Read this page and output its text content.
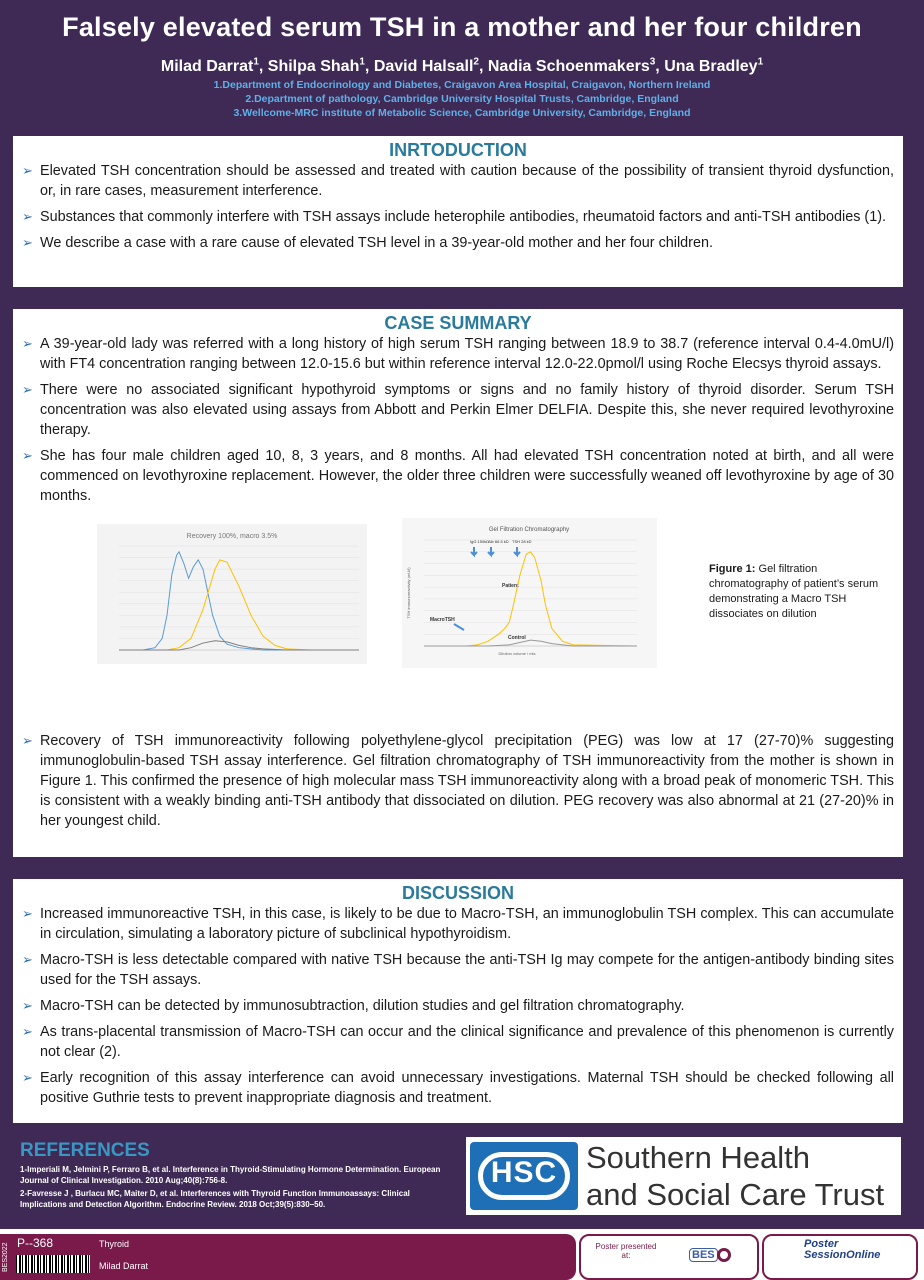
Falsely elevated serum TSH in a mother and her four children
Milad Darrat$^1$, Shilpa Shah$^1$, David Halsall$^2$, Nadia Schoenmakers$^3$, Una Bradley$^1$
1.Department of Endocrinology and Diabetes, Craigavon Area Hospital, Craigavon, Northern Ireland
2.Department of pathology, Cambridge University Hospital Trusts, Cambridge, England
3.Wellcome-MRC institute of Metabolic Science, Cambridge University, Cambridge, England
INRTODUCTION
➢ Elevated TSH concentration should be assessed and treated with caution because of the possibility of transient thyroid dysfunction, or, in rare cases, measurement interference.
➢ Substances that commonly interfere with TSH assays include heterophile antibodies, rheumatoid factors and anti-TSH antibodies (1).
➢ We describe a case with a rare cause of elevated TSH level in a 39-year-old mother and her four children.
CASE SUMMARY
➢ A 39-year-old lady was referred with a long history of high serum TSH ranging between 18.9 to 38.7 (reference interval 0.4-4.0mU/l) with FT4 concentration ranging between 12.0-15.6 but within reference interval 12.0-22.0pmol/l using Roche Elecsys thyroid assays.
➢ There were no associated significant hypothyroid symptoms or signs and no family history of thyroid disorder. Serum TSH concentration was also elevated using assays from Abbott and Perkin Elmer DELFIA. Despite this, she never required levothyroxine therapy.
➢ She has four male children aged 10, 8, 3 years, and 8 months. All had elevated TSH concentration noted at birth, and all were commenced on levothyroxine replacement. However, the older three children were successfully weaned off levothyroxine by age of 30 months.
Recovery 100%, macro 3.5%
Gel Filtration Chromatography
Dilution volume / mls
TSH immunoreactivity (mU/l)
IgG 150kD
Alb 66.5 kD TSH 28 kD
Patient
Control
MacroTSH
Figure 1: Gel filtration chromatography of patient’s serum demonstrating a Macro TSH dissociates on dilution
➢ Recovery of TSH immunoreactivity following polyethylene-glycol precipitation (PEG) was low at 17 (27-70)% suggesting immunoglobulin-based TSH assay interference. Gel filtration chromatography of TSH immunoreactivity from the mother is shown in Figure 1. This confirmed the presence of high molecular mass TSH immunoreactivity along with a broad peak of monomeric TSH. This is consistent with a weakly binding anti-TSH antibody that dissociated on dilution. PEG recovery was also abnormal at 21 (27-20)% in her youngest child.
DISCUSSION
➢ Increased immunoreactive TSH, in this case, is likely to be due to Macro-TSH, an immunoglobulin TSH complex. This can accumulate in circulation, simulating a laboratory picture of subclinical hypothyroidism.
➢ Macro-TSH is less detectable compared with native TSH because the anti-TSH Ig may compete for the antigen-antibody binding sites used for the TSH assays.
➢ Macro-TSH can be detected by immunosubtraction, dilution studies and gel filtration chromatography.
➢ As trans-placental transmission of Macro-TSH can occur and the clinical significance and prevalence of this phenomenon is currently not clear (2).
➢ Early recognition of this assay interference can avoid unnecessary investigations. Maternal TSH should be checked following all positive Guthrie tests to prevent inappropriate diagnosis and treatment.
REFERENCES
1-Imperiali M, Jelmini P, Ferraro B, et al. Interference in Thyroid-Stimulating Hormone Determination. European Journal of Clinical Investigation. 2010 Aug;40(8):756-8.
2-Favresse J , Burlacu MC, Maiter D, et al. Interferences with Thyroid Function Immunoassays: Clinical Implications and Detection Algorithm. Endocrine Review. 2018 Oct;39(5):830–50.
HSC Southern Health
and Social Care Trust
BES2022 P--368	Thyroid
Milad Darrat
Poster presented at:	BES
Poster
SessionOnline
